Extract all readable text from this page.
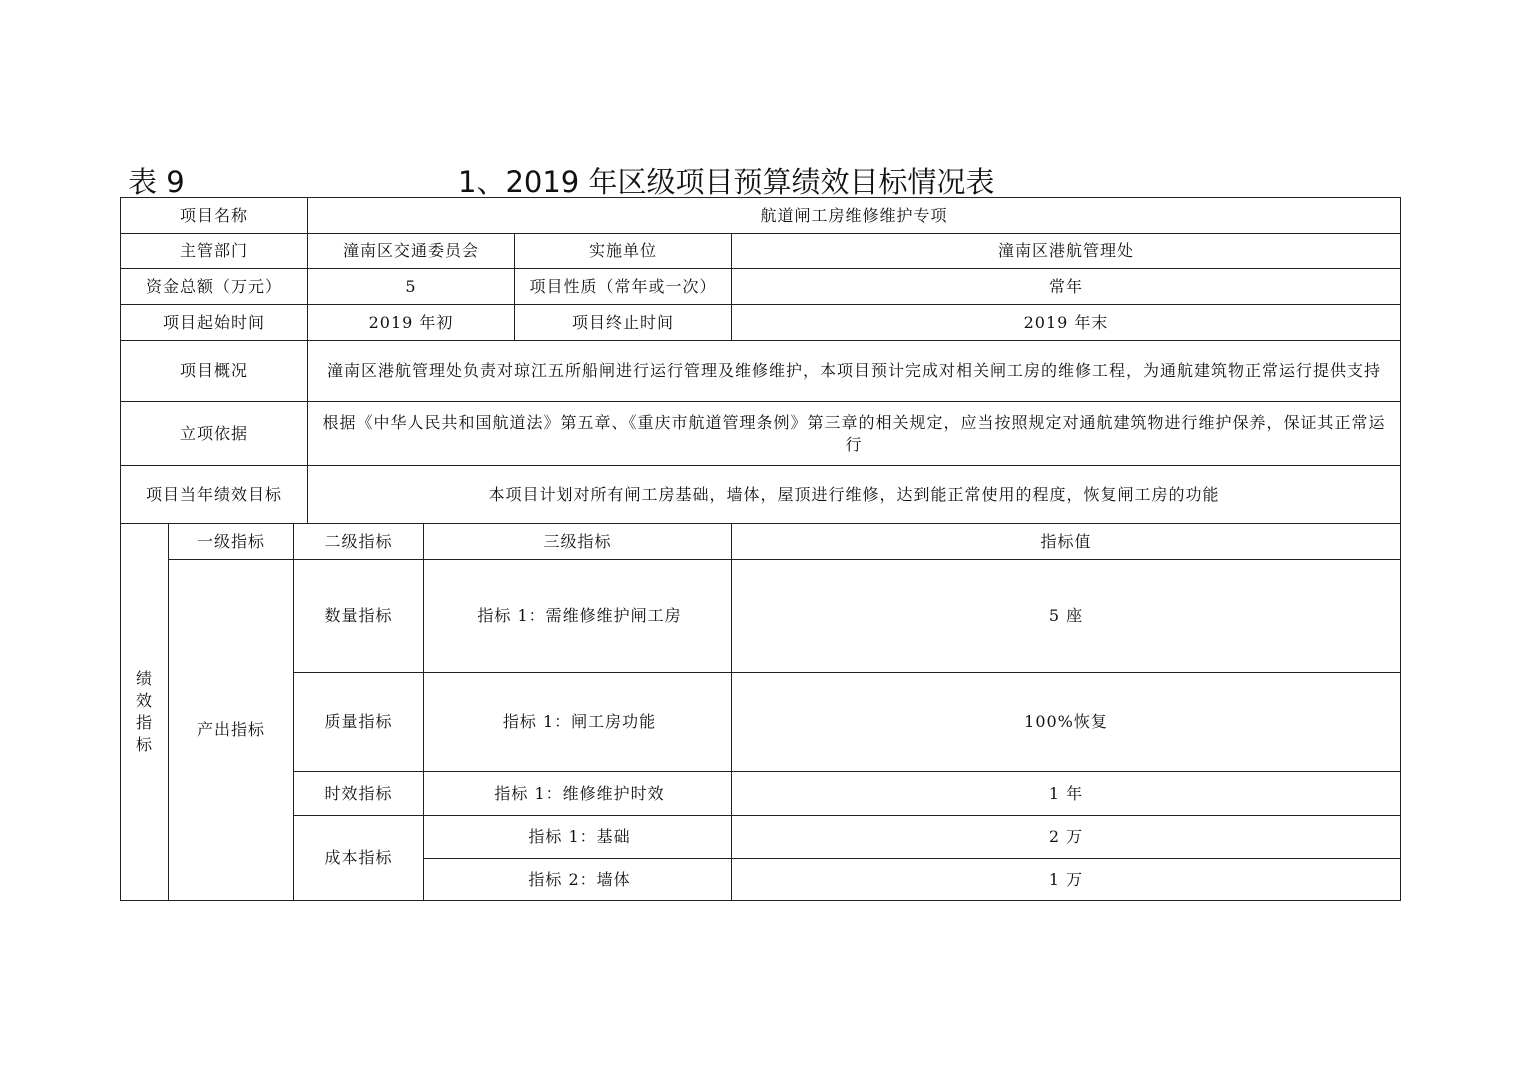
表 9	1、2019 年区级项目预算绩效目标情况表
项目名称			航道闸工房维修维护专项			
主管部门			潼南区交通委员会		实施单位	潼南区港航管理处
资金总额（万元）			5		项目性质（常年或一次）	常年
项目起始时间			2019 年初		项目终止时间	2019 年末
项目概况			潼南区港航管理处负责对琼江五所船闸进行运行管理及维修维护，本项目预计完成对相关闸工房的维修工程，为通航建筑物正常运行提供支持			
立项依据			根据《中华人民共和国航道法》第五章、《重庆市航道管理条例》第三章的相关规定，应当按照规定对通航建筑物进行维护保养，保证其正常运行			
项目当年绩效目标			本项目计划对所有闸工房基础，墙体，屋顶进行维修，达到能正常使用的程度，恢复闸工房的功能			

绩
效
指
标	一级指标	二级指标		三级指标		指标值
	产出指标	数量指标		指标 1：需维修维护闸工房		5 座
		质量指标		指标 1：闸工房功能		100%恢复
		时效指标		指标 1：维修维护时效		1 年
		成本指标		指标 1：基础		2 万
				指标 2：墙体		1 万
